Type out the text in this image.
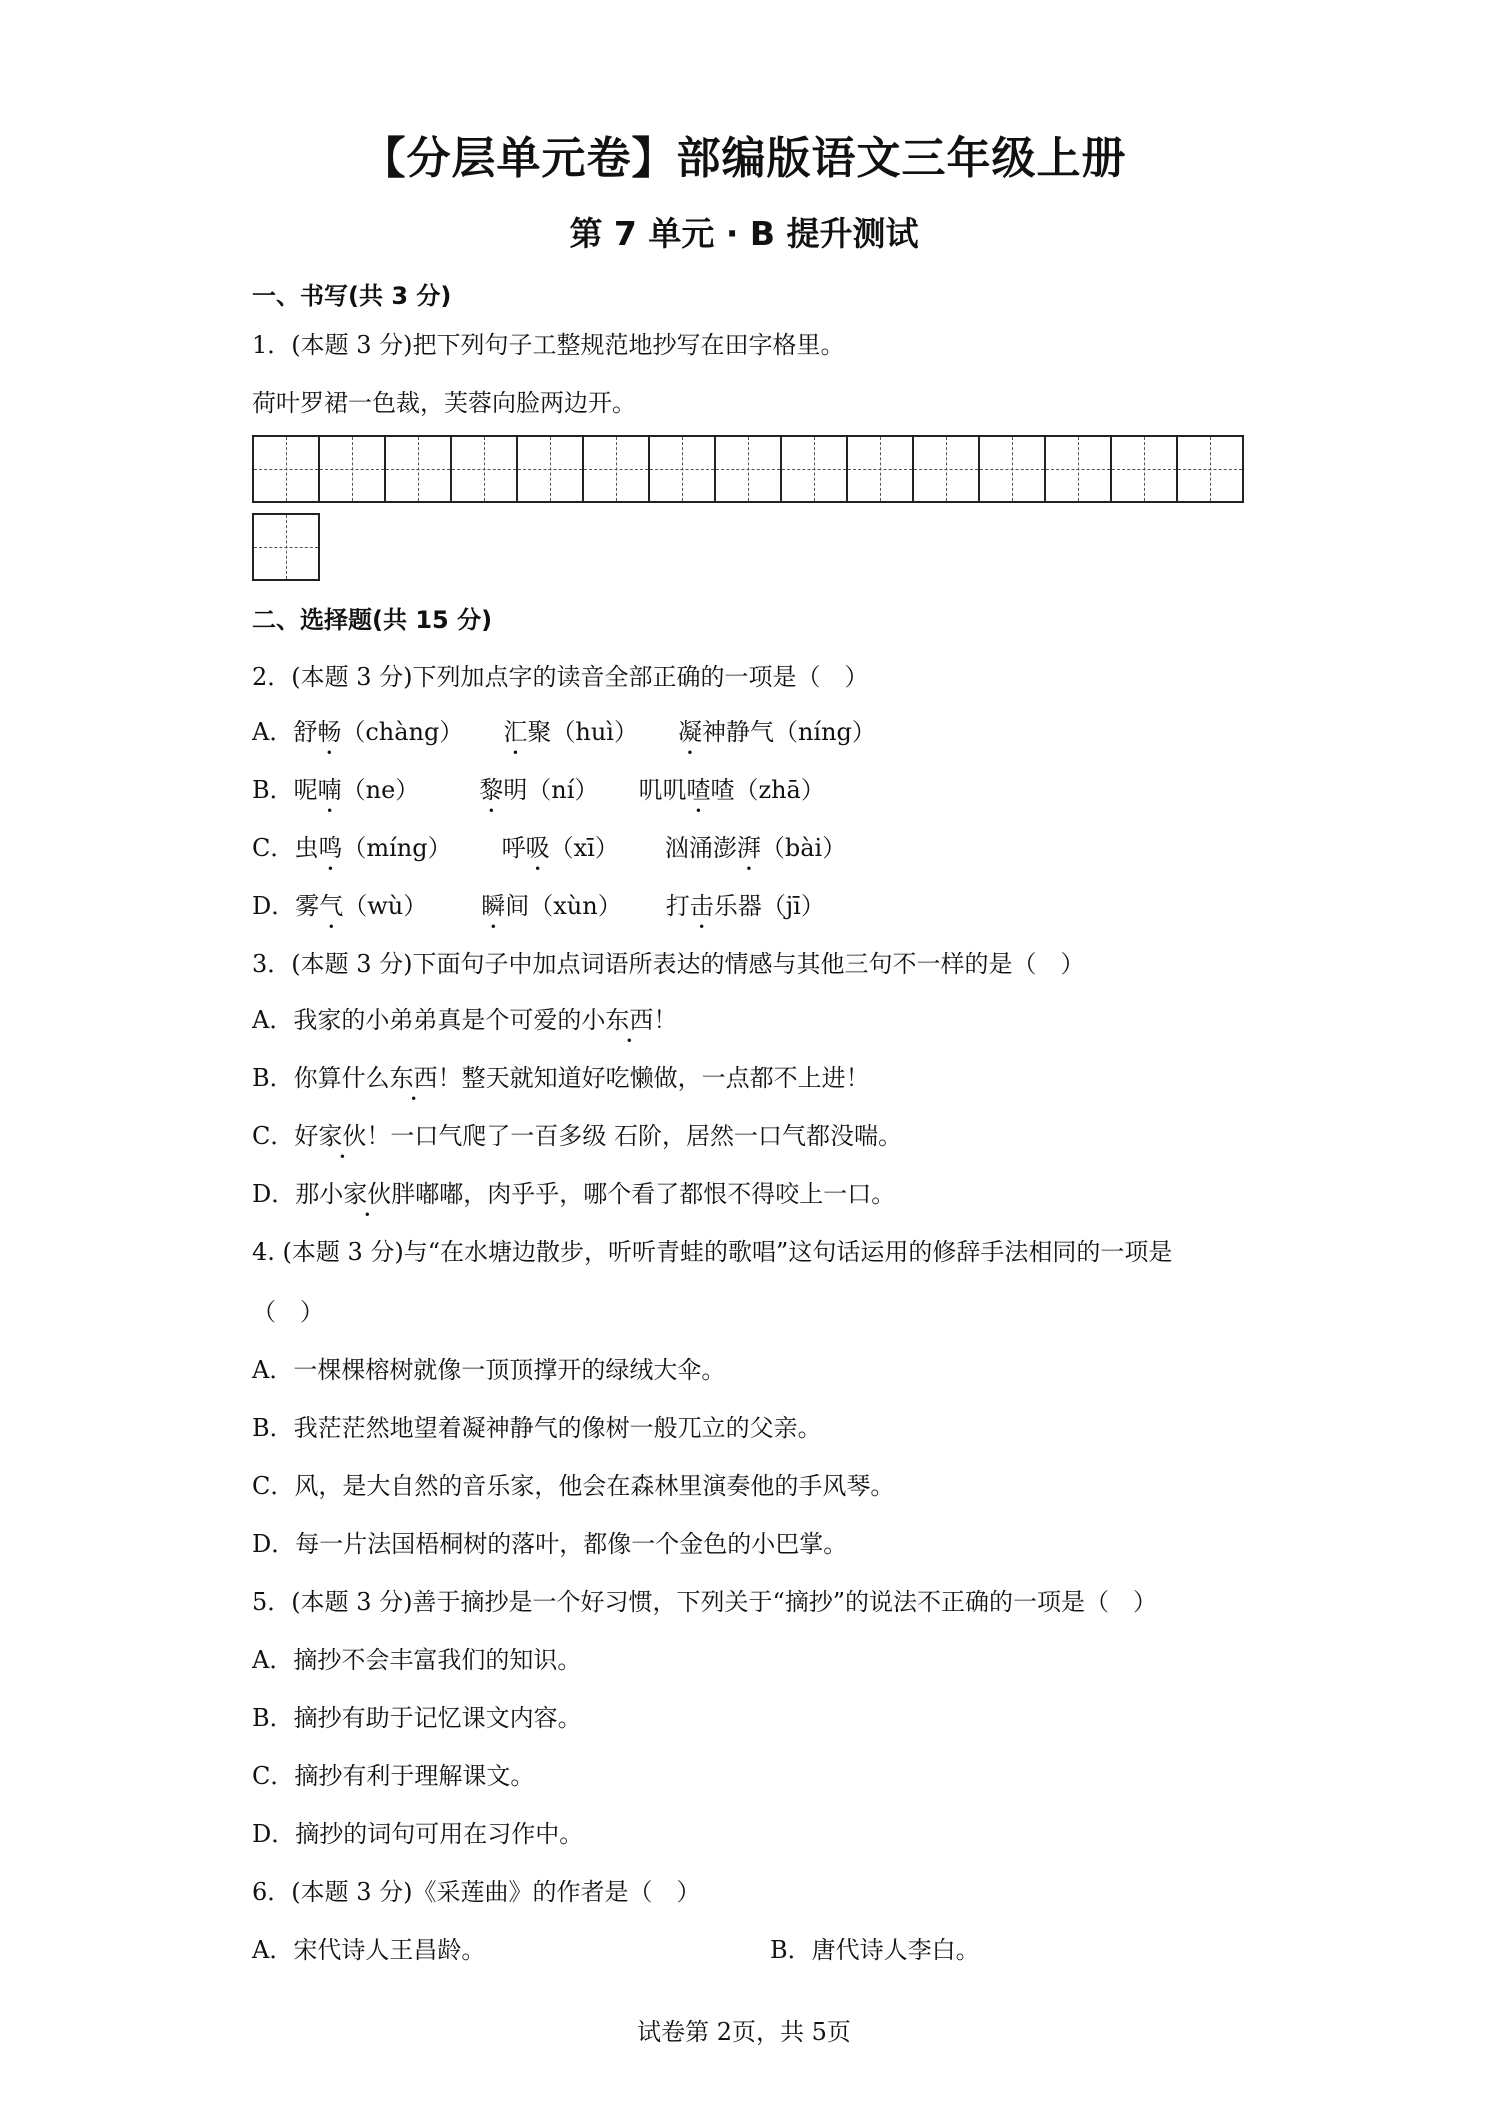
【分层单元卷】部编版语文三年级上册
第 7 单元 · B 提升测试
一、书写(共 3 分)
1．(本题 3 分)把下列句子工整规范地抄写在田字格里。
荷叶罗裙一色裁，芙蓉向脸两边开。
二、选择题(共 15 分)
2．(本题 3 分)下列加点字的读音全部正确的一项是（　）
A．舒畅（chàng） 汇聚（huì） 凝神静气（níng）
B．呢喃（ne）	黎明（ní） 叽叽喳喳（zhā）
C．虫鸣（míng） 呼吸（xī） 汹涌澎湃（bài）
D．雾气（wù） 瞬间（xùn） 打击乐器（jī）
3．(本题 3 分)下面句子中加点词语所表达的情感与其他三句不一样的是（　）
A．我家的小弟弟真是个可爱的小东西！
B．你算什么东西！整天就知道好吃懒做，一点都不上进！
C．好家伙！一口气爬了一百多级 石阶，居然一口气都没喘。
D．那小家伙胖嘟嘟，肉乎乎，哪个看了都恨不得咬上一口。
4. (本题 3 分)与“在水塘边散步，听听青蛙的歌唱”这句话运用的修辞手法相同的一项是
（　）
A．一棵棵榕树就像一顶顶撑开的绿绒大伞。
B．我茫茫然地望着凝神静气的像树一般兀立的父亲。
C．风，是大自然的音乐家，他会在森林里演奏他的手风琴。
D．每一片法国梧桐树的落叶，都像一个金色的小巴掌。
5．(本题 3 分)善于摘抄是一个好习惯，下列关于“摘抄”的说法不正确的一项是（　）
A．摘抄不会丰富我们的知识。
B．摘抄有助于记忆课文内容。
C．摘抄有利于理解课文。
D．摘抄的词句可用在习作中。
6．(本题 3 分)《采莲曲》的作者是（　）
A．宋代诗人王昌龄。	B．唐代诗人李白。
试卷第 2页，共 5页
